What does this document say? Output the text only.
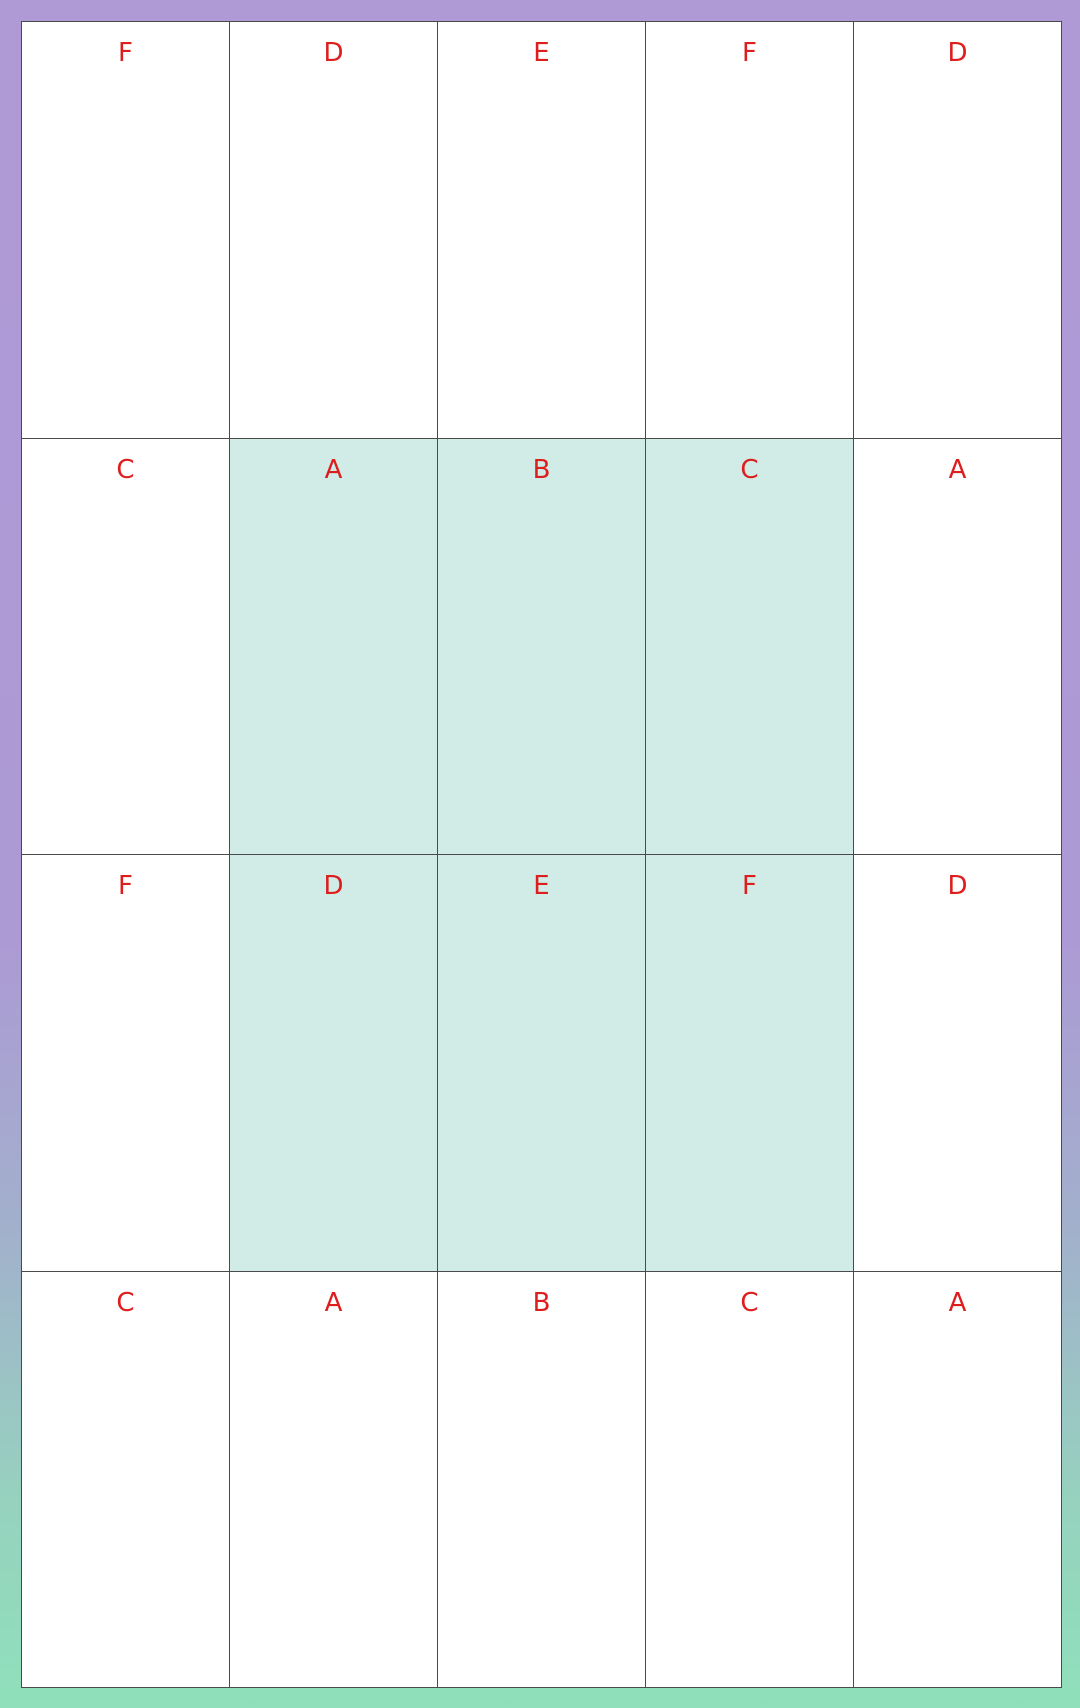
F	D	E	F	D
C	A	B	C	A
F	D	E	F	D
C	A	B	C	A
